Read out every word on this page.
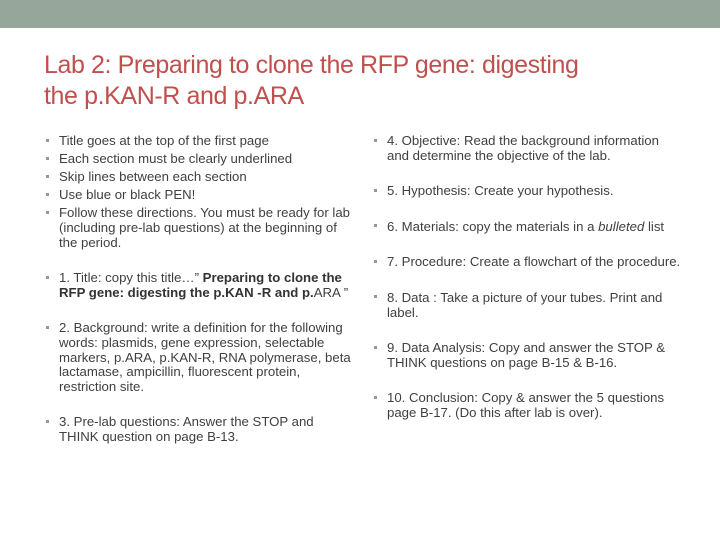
Lab 2: Preparing to clone the RFP gene: digesting
the p.KAN-R and p.ARA
Title goes at the top of the first page
Each section must be clearly underlined
Skip lines between each section
Use blue or black PEN!
Follow these directions. You must be ready for lab (including pre-lab questions) at the beginning of the period.
1. Title: copy this title…” Preparing to clone the RFP gene: digesting the p.KAN -R and p.ARA ”
2. Background: write a definition for the following words: plasmids, gene expression, selectable markers, p.ARA, p.KAN-R, RNA polymerase, beta lactamase, ampicillin, fluorescent protein, restriction site.
3. Pre-lab questions: Answer the STOP and THINK question on page B-13.
4. Objective: Read the background information and determine the objective of the lab.
5. Hypothesis: Create your hypothesis.
6. Materials: copy the materials in a bulleted list
7. Procedure: Create a flowchart of the procedure.
8. Data : Take a picture of your tubes. Print and label.
9. Data Analysis: Copy and answer the STOP & THINK questions on page B-15 & B-16.
10. Conclusion: Copy & answer the 5 questions page B-17. (Do this after lab is over).
